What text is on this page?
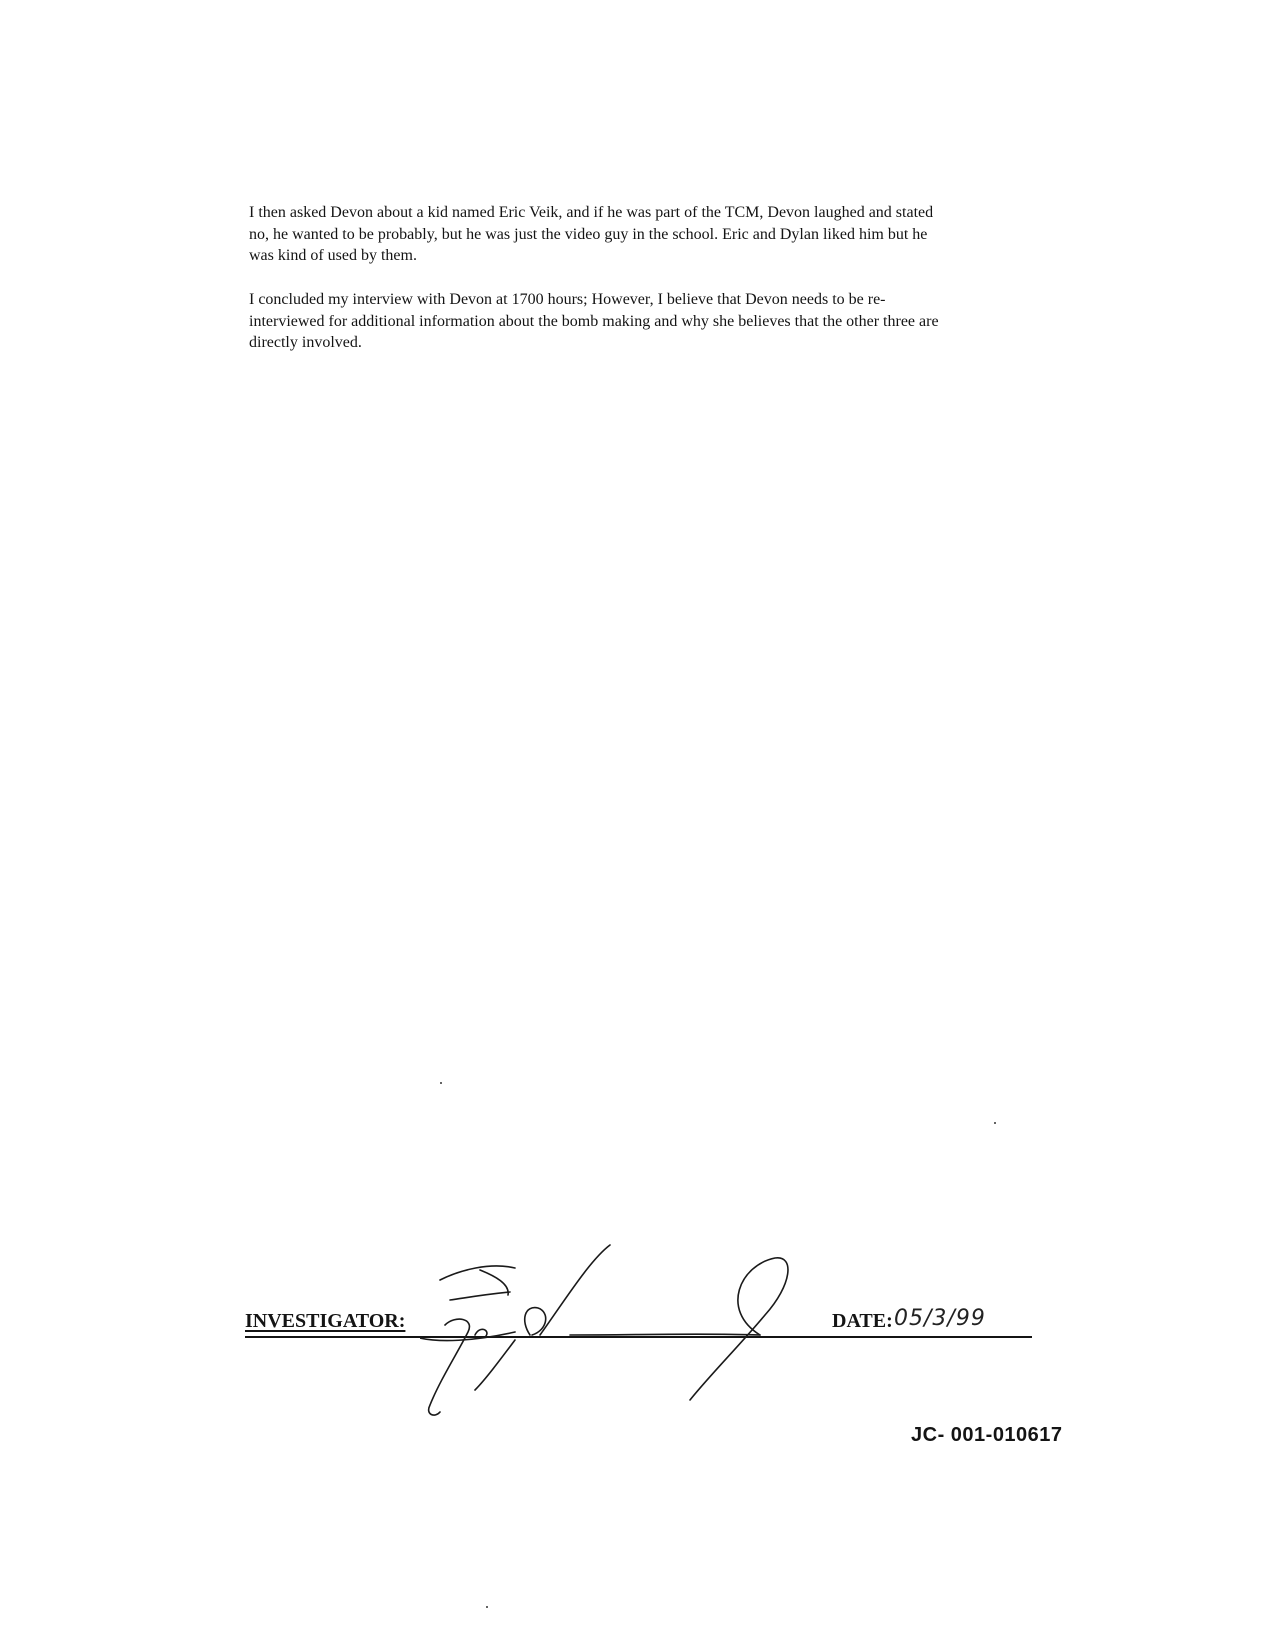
I then asked Devon about a kid named Eric Veik, and if he was part of the TCM, Devon laughed and stated
no, he wanted to be probably, but he was just the video guy in the school. Eric and Dylan liked him but he
was kind of used by them.

I concluded my interview with Devon at 1700 hours; However, I believe that Devon needs to be re-
interviewed for additional information about the bomb making and why she believes that the other three are
directly involved.

INVESTIGATOR:	DATE: 05/3/99
JC- 001-010617
